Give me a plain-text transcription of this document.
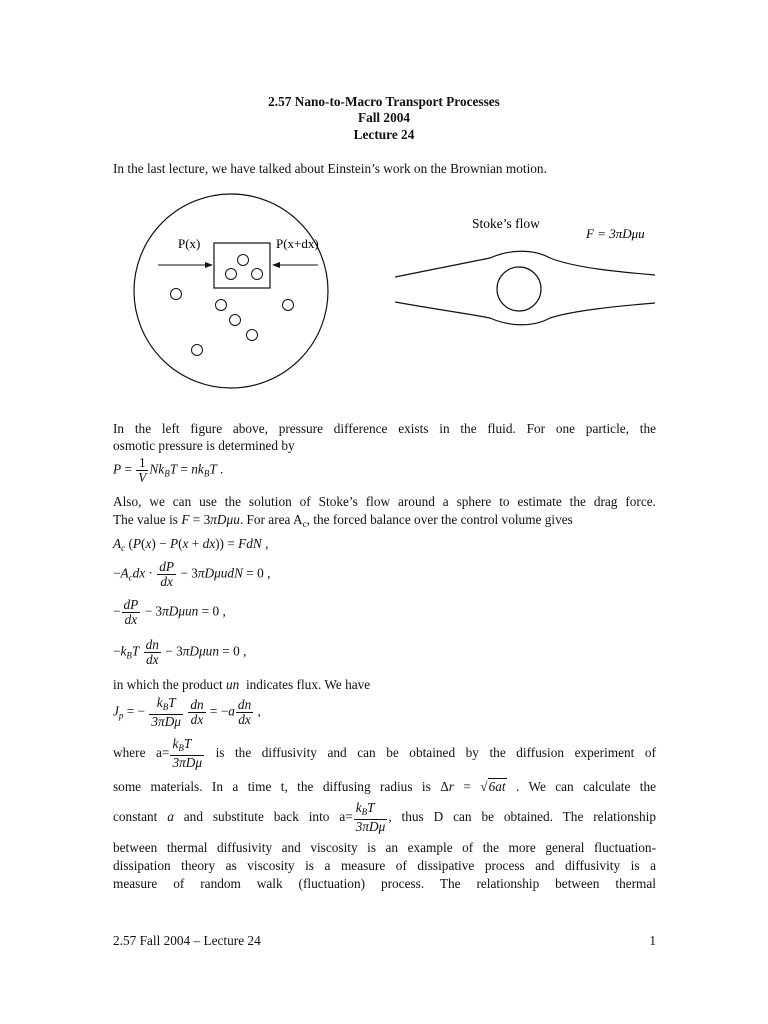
2.57 Nano-to-Macro Transport Processes
Fall 2004
Lecture 24
In the last lecture, we have talked about Einstein’s work on the Brownian motion.
P(x)	P(x+dx)
Stoke’s flow
F = 3πDμu
In the left figure above, pressure difference exists in the fluid. For one particle, the
osmotic pressure is determined by
$P = \frac{1}{V} Nk_BT = nk_BT$ .
Also, we can use the solution of Stoke’s flow around a sphere to estimate the drag force.
The value is F = 3πDμu. For area $A_c$, the forced balance over the control volume gives
$A_c$ (P(x) − P(x + dx)) = FdN ,
$-A_cdx \cdot \frac{dP}{dx} - 3\pi D\mu udN = 0$ ,
− $\frac{dP}{dx} - 3\pi D\mu un = 0$ ,
$-k_BT \frac{dn}{dx} - 3\pi D\mu un = 0$ ,
in which the product un indicates flux. We have
$J_p$ = − $\frac{k_BT}{\text{3πDμ}}$
$\frac{dn}{dx} = -a \frac{dn}{dx}$ ,
where $a= \frac{k_BT}{\text{3πDμ}}$ is the diffusivity and can be obtained by the diffusion experiment of
some materials. In a time t, the diffusing radius is Δr = √6at . We can calculate the
constant a and substitute back into $a= \frac{k_BT}{\text{3πDμ}}$ , thus D can be obtained. The relationship
between thermal diffusivity and viscosity is an example of the more general fluctuation-
dissipation theory as viscosity is a measure of dissipative process and diffusivity is a
measure of random walk (fluctuation) process. The relationship between thermal
2.57 Fall 2004 – Lecture 24	1
